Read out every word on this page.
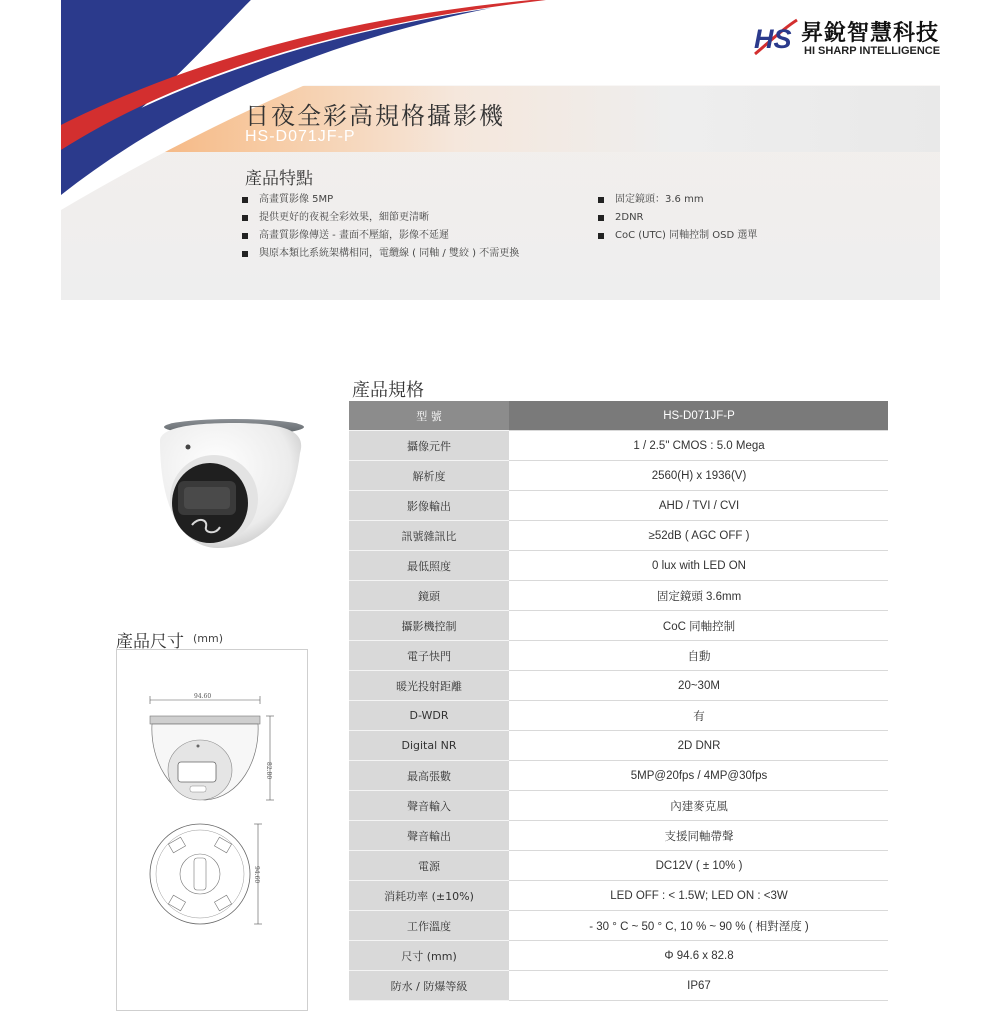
HS 昇銳智慧科技
HI SHARP INTELLIGENCE
日夜全彩高規格攝影機
HS-D071JF-P
產品特點
高畫質影像 5MP
提供更好的夜視全彩效果，細節更清晰
高畫質影像傳送 - 畫面不壓縮，影像不延遲
與原本類比系統架構相同，電纜線 ( 同軸 / 雙絞 ) 不需更換
固定鏡頭：3.6 mm
2DNR
CoC (UTC) 同軸控制 OSD 選單
產品尺寸 (mm)
94.60
82.80
94.60
產品規格
型 號		HS-D071JF-P
攝像元件		1 / 2.5" CMOS : 5.0 Mega
解析度		2560(H) x 1936(V)
影像輸出		AHD / TVI / CVI
訊號雜訊比		≥52dB ( AGC OFF )
最低照度		0 lux with LED ON
鏡頭		固定鏡頭 3.6mm
攝影機控制		CoC 同軸控制
電子快門		自動
暖光投射距離		20~30M
D-WDR		有
Digital NR		2D DNR
最高張數		5MP@20fps / 4MP@30fps
聲音輸入		內建麥克風
聲音輸出		支援同軸帶聲
電源		DC12V ( ± 10% )
消耗功率 (±10%)		LED OFF : < 1.5W; LED ON : <3W
工作溫度		- 30 ° C ~ 50 ° C, 10 % ~ 90 % ( 相對溼度 )
尺寸 (mm)		Φ 94.6 x 82.8
防水 / 防爆等級		IP67
